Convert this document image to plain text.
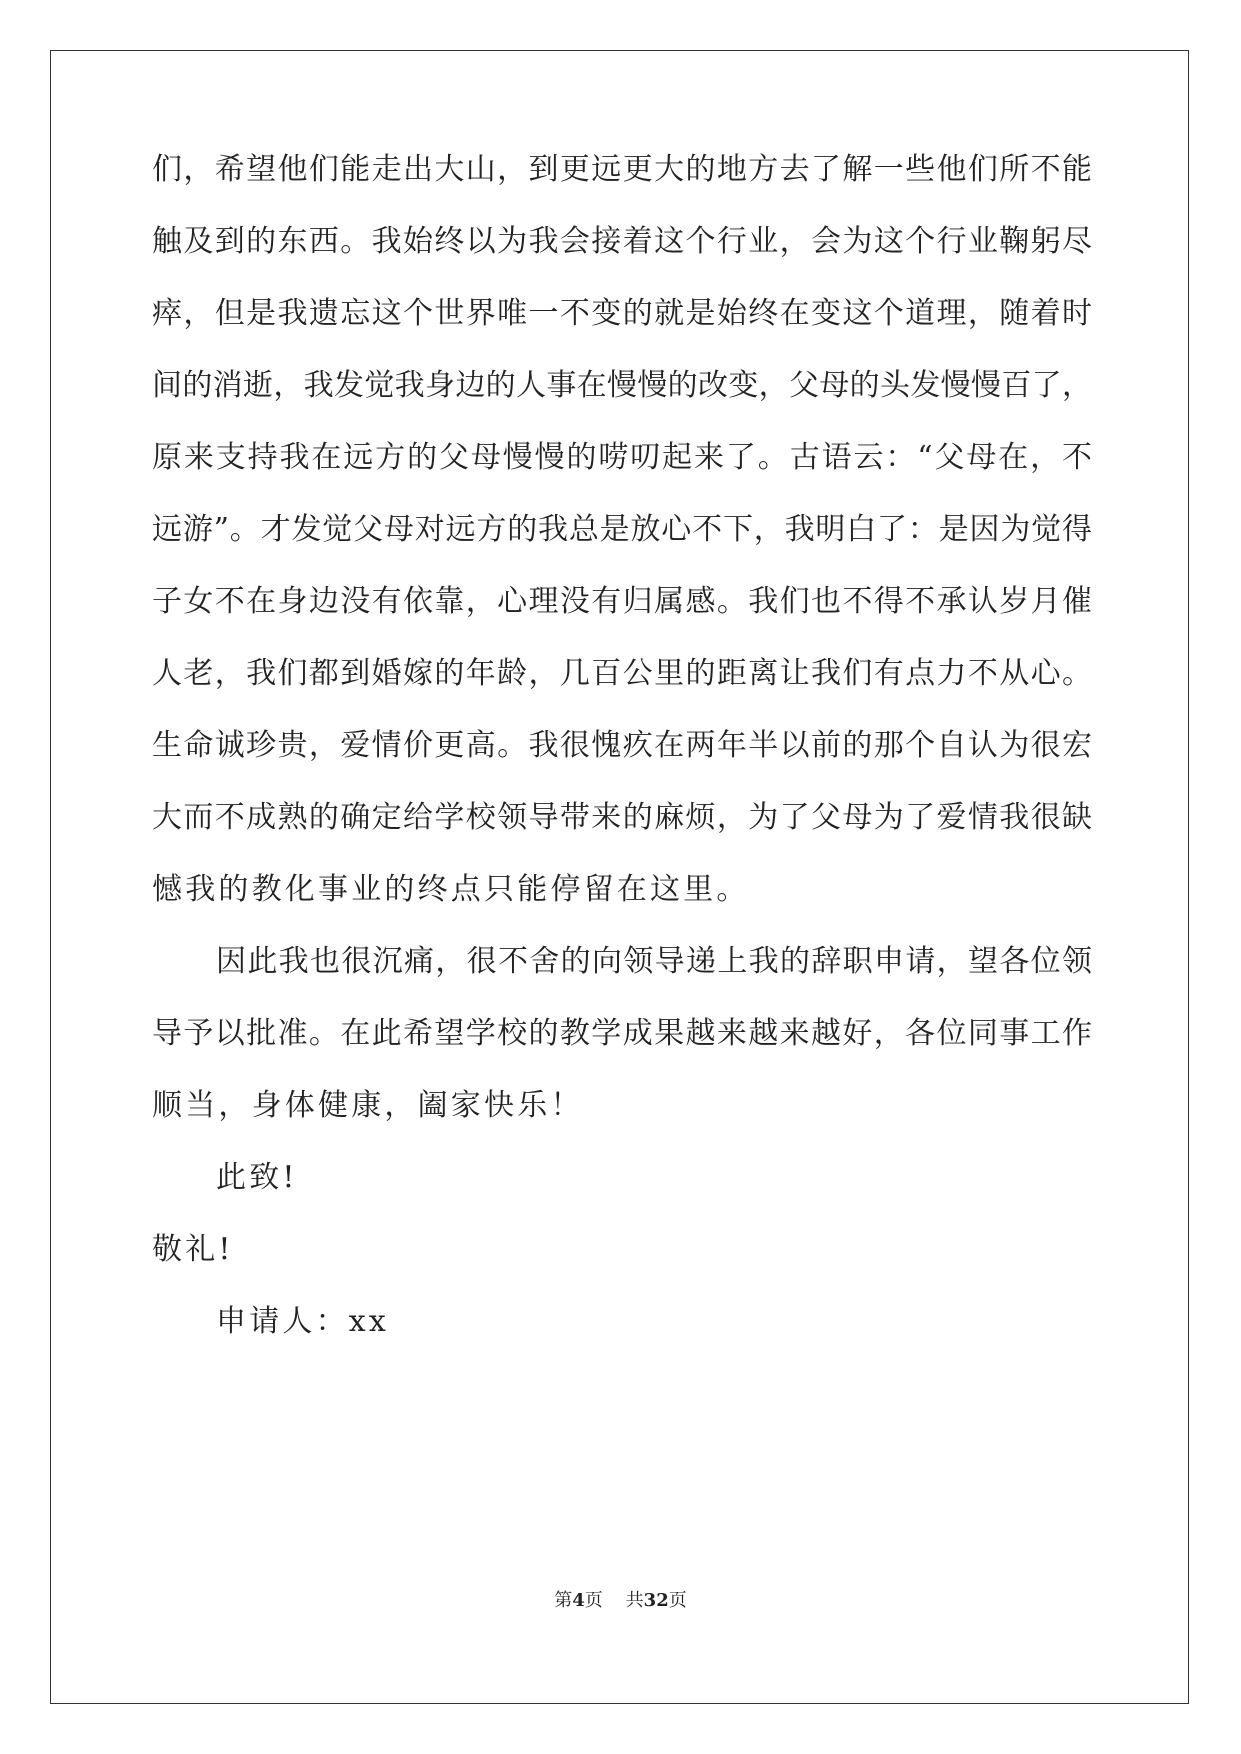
们，希望他们能走出大山，到更远更大的地方去了解一些他们所不能
触及到的东西。我始终以为我会接着这个行业，会为这个行业鞠躬尽
瘁，但是我遗忘这个世界唯一不变的就是始终在变这个道理，随着时
间的消逝，我发觉我身边的人事在慢慢的改变，父母的头发慢慢百了，
原来支持我在远方的父母慢慢的唠叨起来了。古语云：“父母在，不
远游”。才发觉父母对远方的我总是放心不下，我明白了：是因为觉得
子女不在身边没有依靠，心理没有归属感。我们也不得不承认岁月催
人老，我们都到婚嫁的年龄，几百公里的距离让我们有点力不从心。
生命诚珍贵，爱情价更高。我很愧疚在两年半以前的那个自认为很宏
大而不成熟的确定给学校领导带来的麻烦，为了父母为了爱情我很缺
憾我的教化事业的终点只能停留在这里。
因此我也很沉痛，很不舍的向领导递上我的辞职申请，望各位领
导予以批准。在此希望学校的教学成果越来越来越好，各位同事工作
顺当，身体健康，阖家快乐！
此致!
敬礼!
申请人：xx
第4页 共32页
